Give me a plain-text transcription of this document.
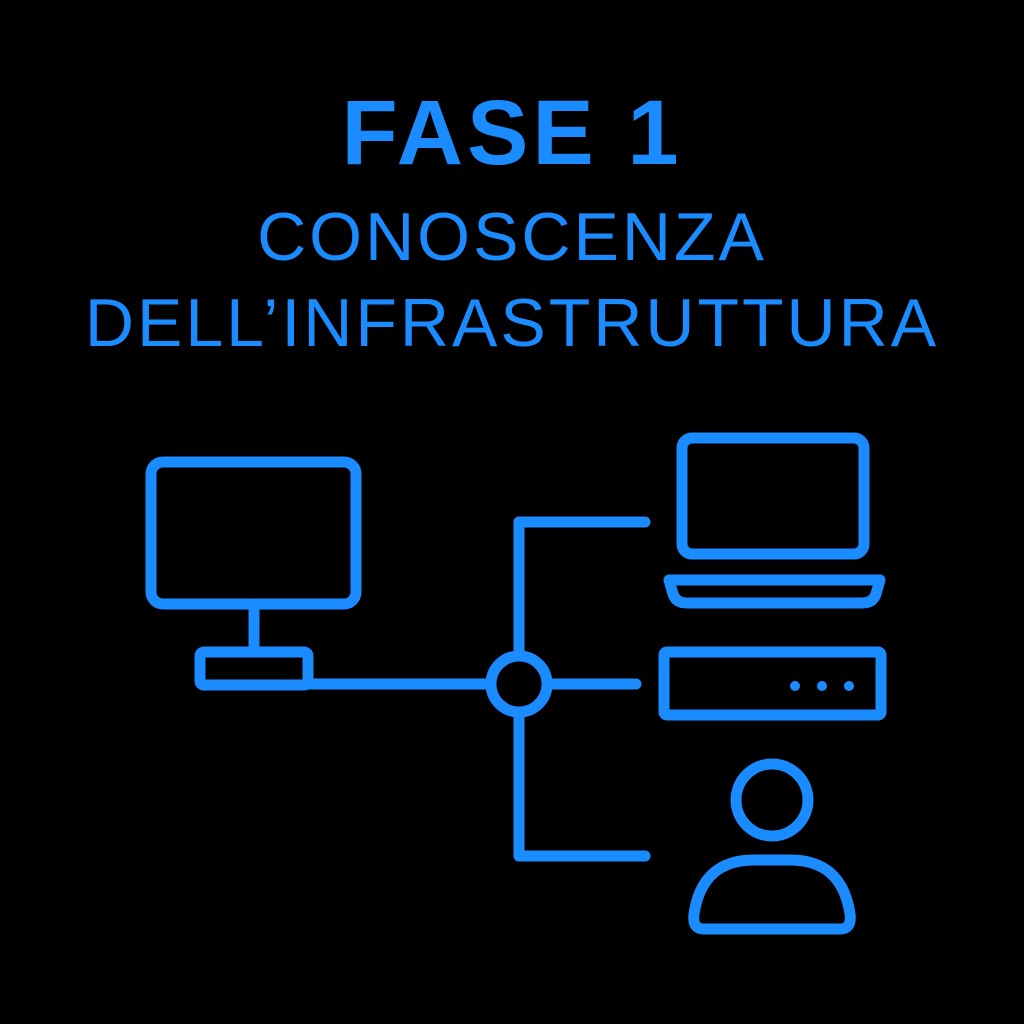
FASE 1
CONOSCENZA
DELL’INFRASTRUTTURA
